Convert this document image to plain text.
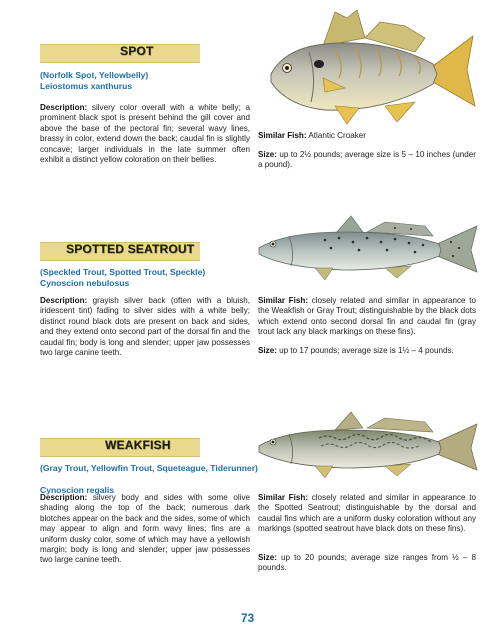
SPOT
(Norfolk Spot, Yellowbelly)
Leiostomus xanthurus

Description: silvery color overall with a white belly; a prominent black spot is present behind the gill cover and above the base of the pectoral fin; several wavy lines, brassy in color, extend down the back; caudal fin is slightly concave; larger individuals in the late summer often exhibit a distinct yellow coloration on their bellies.

Similar Fish: Atlantic Croaker

Size: up to 2½ pounds; average size is 5 – 10 inches (under a pound).

SPOTTED SEATROUT
(Speckled Trout, Spotted Trout, Speckle)
Cynoscion nebulosus

Description: grayish silver back (often with a bluish, iridescent tint) fading to silver sides with a white belly; distinct round black dots are present on back and sides, and they extend onto second part of the dorsal fin and the caudal fin; body is long and slender; upper jaw possesses two large canine teeth.

Similar Fish: closely related and similar in appearance to the Weakfish or Gray Trout; distinguishable by the black dots which extend onto second dorsal fin and caudal fin (gray trout lack any black markings on these fins).

Size: up to 17 pounds; average size is 1½ – 4 pounds.

WEAKFISH
(Gray Trout, Yellowfin Trout, Squeteague, Tiderunner)
Cynoscion regalis

Description: silvery body and sides with some olive shading along the top of the back; numerous dark blotches appear on the back and the sides, some of which may appear to align and form wavy lines; fins are a uniform dusky color, some of which may have a yellowish margin; body is long and slender; upper jaw possesses two large canine teeth.

Similar Fish: closely related and similar in appearance to the Spotted Seatrout; distinguishable by the dorsal and caudal fins which are a uniform dusky coloration without any markings (spotted seatrout have black dots on these fins).

Size: up to 20 pounds; average size ranges from ½ – 8 pounds.

73
